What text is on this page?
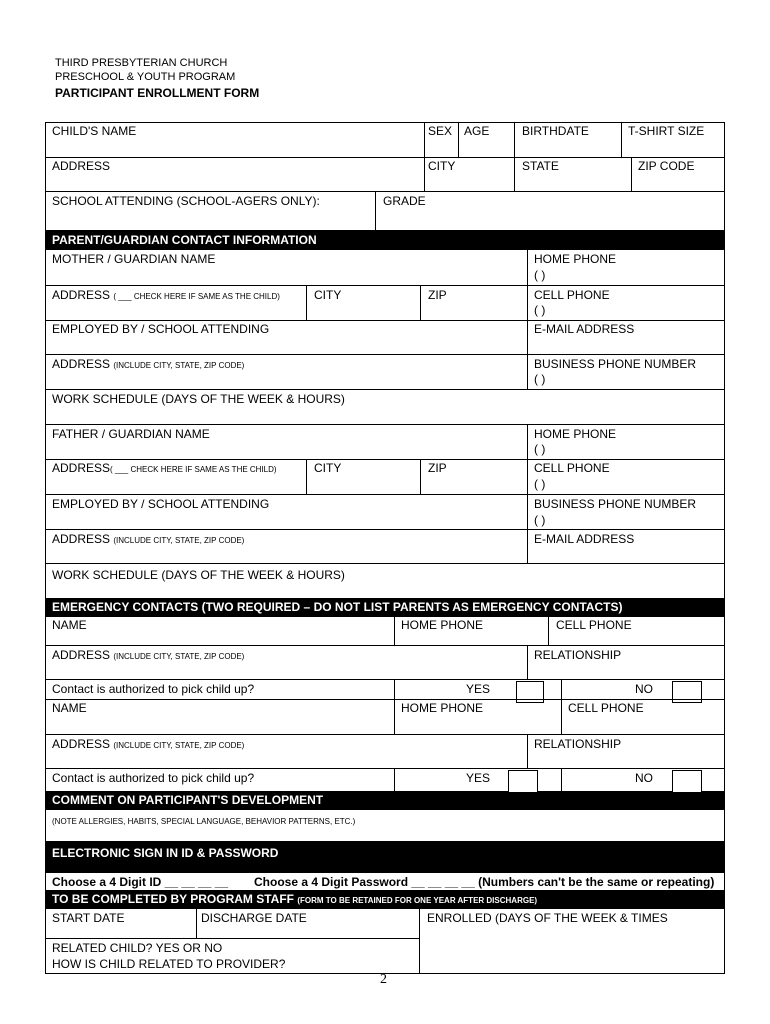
THIRD PRESBYTERIAN CHURCH
PRESCHOOL & YOUTH PROGRAM
PARTICIPANT ENROLLMENT FORM
CHILD'S NAME	SEX AGE	BIRTHDATE	T-SHIRT SIZE
ADDRESS	CITY	STATE	ZIP CODE
SCHOOL ATTENDING (SCHOOL-AGERS ONLY):	GRADE
PARENT/GUARDIAN CONTACT INFORMATION
MOTHER / GUARDIAN NAME	HOME PHONE
( )
ADDRESS ( ___ CHECK HERE IF SAME AS THE CHILD)	CITY	ZIP	CELL PHONE
( )
EMPLOYED BY / SCHOOL ATTENDING	E-MAIL ADDRESS
ADDRESS (INCLUDE CITY, STATE, ZIP CODE)	BUSINESS PHONE NUMBER
( )
WORK SCHEDULE (DAYS OF THE WEEK & HOURS)
FATHER / GUARDIAN NAME	HOME PHONE
( )
ADDRESS( ___ CHECK HERE IF SAME AS THE CHILD)	CITY	ZIP	CELL PHONE
( )
EMPLOYED BY / SCHOOL ATTENDING	BUSINESS PHONE NUMBER
( )
ADDRESS (INCLUDE CITY, STATE, ZIP CODE)	E-MAIL ADDRESS
WORK SCHEDULE (DAYS OF THE WEEK & HOURS)
EMERGENCY CONTACTS (TWO REQUIRED – DO NOT LIST PARENTS AS EMERGENCY CONTACTS)
NAME	HOME PHONE	CELL PHONE
ADDRESS (INCLUDE CITY, STATE, ZIP CODE)	RELATIONSHIP
Contact is authorized to pick child up?	YES	NO
NAME	HOME PHONE	CELL PHONE
ADDRESS (INCLUDE CITY, STATE, ZIP CODE)	RELATIONSHIP
Contact is authorized to pick child up?	YES	NO
COMMENT ON PARTICIPANT'S DEVELOPMENT
(NOTE ALLERGIES, HABITS, SPECIAL LANGUAGE, BEHAVIOR PATTERNS, ETC.)
ELECTRONIC SIGN IN ID & PASSWORD
Choose a 4 Digit ID __ __ __ __ Choose a 4 Digit Password __ __ __ __ (Numbers can't be the same or repeating)
TO BE COMPLETED BY PROGRAM STAFF (FORM TO BE RETAINED FOR ONE YEAR AFTER DISCHARGE)
START DATE	DISCHARGE DATE	ENROLLED (DAYS OF THE WEEK & TIMES
RELATED CHILD? YES OR NO
HOW IS CHILD RELATED TO PROVIDER?
2
